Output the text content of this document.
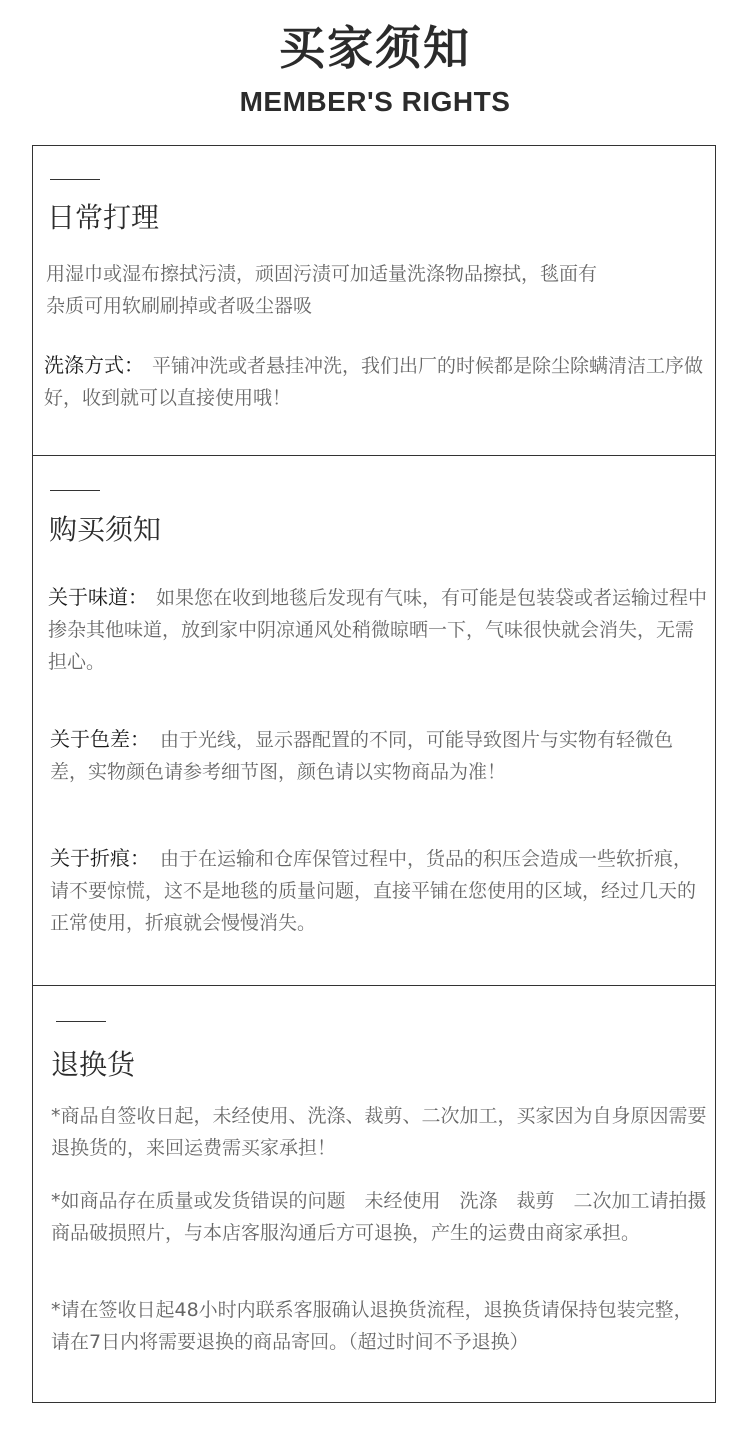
买家须知
MEMBER'S RIGHTS
日常打理
用湿巾或湿布擦拭污渍，顽固污渍可加适量洗涤物品擦拭，毯面有杂质可用软刷刷掉或者吸尘器吸
洗涤方式： 平铺冲洗或者悬挂冲洗，我们出厂的时候都是除尘除螨清洁工序做好，收到就可以直接使用哦！
购买须知
关于味道： 如果您在收到地毯后发现有气味，有可能是包装袋或者运输过程中掺杂其他味道，放到家中阴凉通风处稍微晾晒一下，气味很快就会消失，无需担心。
关于色差： 由于光线，显示器配置的不同，可能导致图片与实物有轻微色差，实物颜色请参考细节图，颜色请以实物商品为准！
关于折痕： 由于在运输和仓库保管过程中，货品的积压会造成一些软折痕，请不要惊慌，这不是地毯的质量问题，直接平铺在您使用的区域，经过几天的正常使用，折痕就会慢慢消失。
退换货
*商品自签收日起，未经使用、洗涤、裁剪、二次加工，买家因为自身原因需要退换货的，来回运费需买家承担！
*如商品存在质量或发货错误的问题　未经使用　洗涤　裁剪　二次加工请拍摄商品破损照片，与本店客服沟通后方可退换，产生的运费由商家承担。
*请在签收日起48小时内联系客服确认退换货流程，退换货请保持包装完整，请在7日内将需要退换的商品寄回。（超过时间不予退换）
